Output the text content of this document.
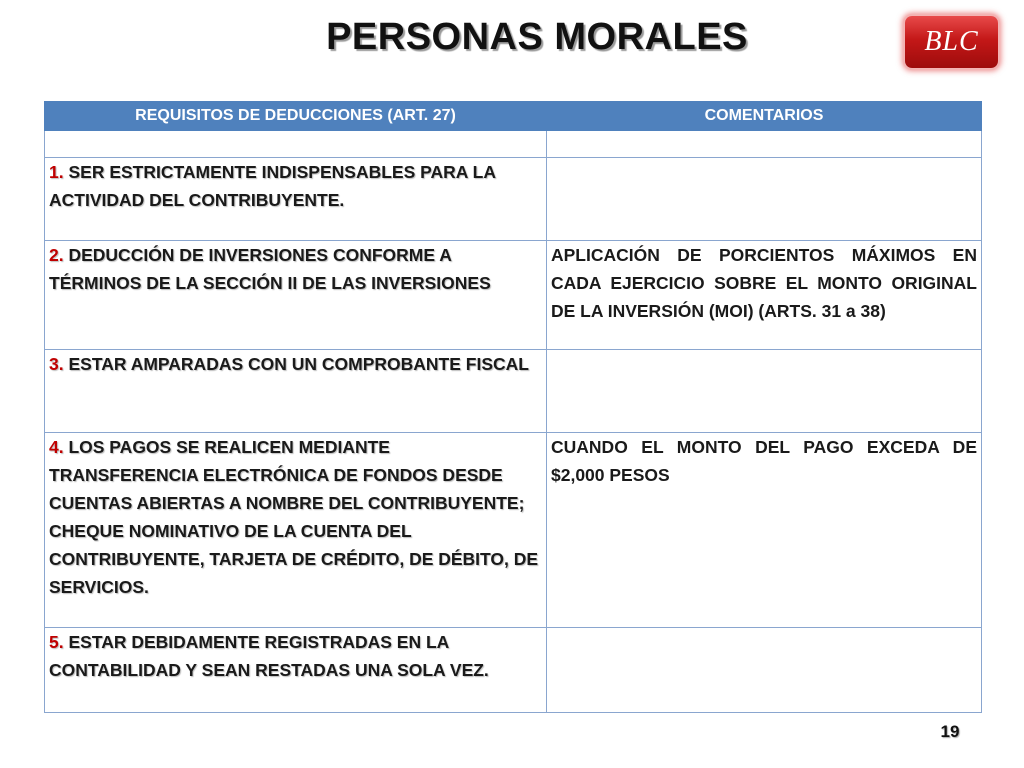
PERSONAS MORALES	BLC
REQUISITOS DE DEDUCCIONES (ART. 27)	COMENTARIOS

1. SER ESTRICTAMENTE INDISPENSABLES PARA LA ACTIVIDAD DEL CONTRIBUYENTE.	
2. DEDUCCIÓN DE INVERSIONES CONFORME A TÉRMINOS DE LA SECCIÓN II DE LAS INVERSIONES	APLICACIÓN DE PORCIENTOS MÁXIMOS EN CADA EJERCICIO SOBRE EL MONTO ORIGINAL DE LA INVERSIÓN (MOI) (ARTS. 31 a 38)
3. ESTAR AMPARADAS CON UN COMPROBANTE FISCAL	
4. LOS PAGOS SE REALICEN MEDIANTE TRANSFERENCIA ELECTRÓNICA DE FONDOS DESDE CUENTAS ABIERTAS A NOMBRE DEL CONTRIBUYENTE; CHEQUE NOMINATIVO DE LA CUENTA DEL CONTRIBUYENTE, TARJETA DE CRÉDITO, DE DÉBITO, DE SERVICIOS.	CUANDO EL MONTO DEL PAGO EXCEDA DE $2,000 PESOS
5. ESTAR DEBIDAMENTE REGISTRADAS EN LA CONTABILIDAD Y SEAN RESTADAS UNA SOLA VEZ.	
19
